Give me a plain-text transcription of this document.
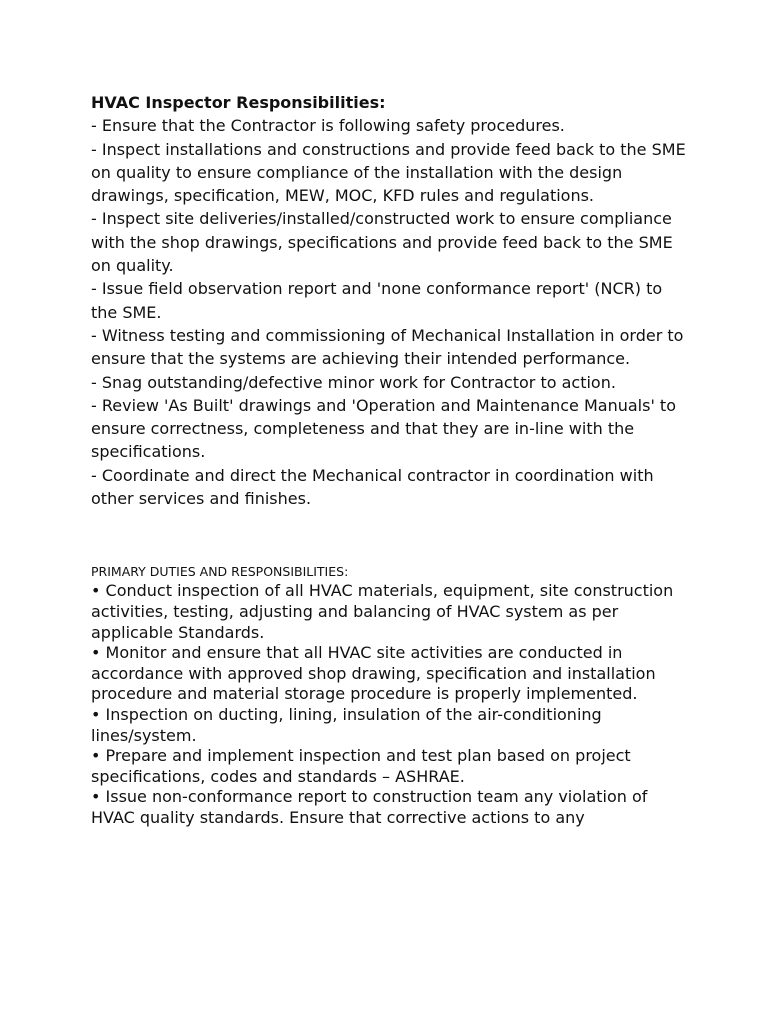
HVAC Inspector Responsibilities:

- Ensure that the Contractor is following safety procedures.

- Inspect installations and constructions and provide feed back to the SME on quality to ensure compliance of the installation with the design drawings, specification, MEW, MOC, KFD rules and regulations.

- Inspect site deliveries/installed/constructed work to ensure compliance with the shop drawings, specifications and provide feed back to the SME on quality.

- Issue field observation report and 'none conformance report' (NCR) to the SME.

- Witness testing and commissioning of Mechanical Installation in order to ensure that the systems are achieving their intended performance.

- Snag outstanding/defective minor work for Contractor to action.

- Review 'As Built' drawings and 'Operation and Maintenance Manuals' to ensure correctness, completeness and that they are in-line with the specifications.

- Coordinate and direct the Mechanical contractor in coordination with other services and finishes.

PRIMARY DUTIES AND RESPONSIBILITIES:

• Conduct inspection of all HVAC materials, equipment, site construction activities, testing, adjusting and balancing of HVAC system as per applicable Standards.

• Monitor and ensure that all HVAC site activities are conducted in accordance with approved shop drawing, specification and installation procedure and material storage procedure is properly implemented.

• Inspection on ducting, lining, insulation of the air-conditioning lines/system.

• Prepare and implement inspection and test plan based on project specifications, codes and standards – ASHRAE.

• Issue non-conformance report to construction team any violation of HVAC quality standards. Ensure that corrective actions to any
